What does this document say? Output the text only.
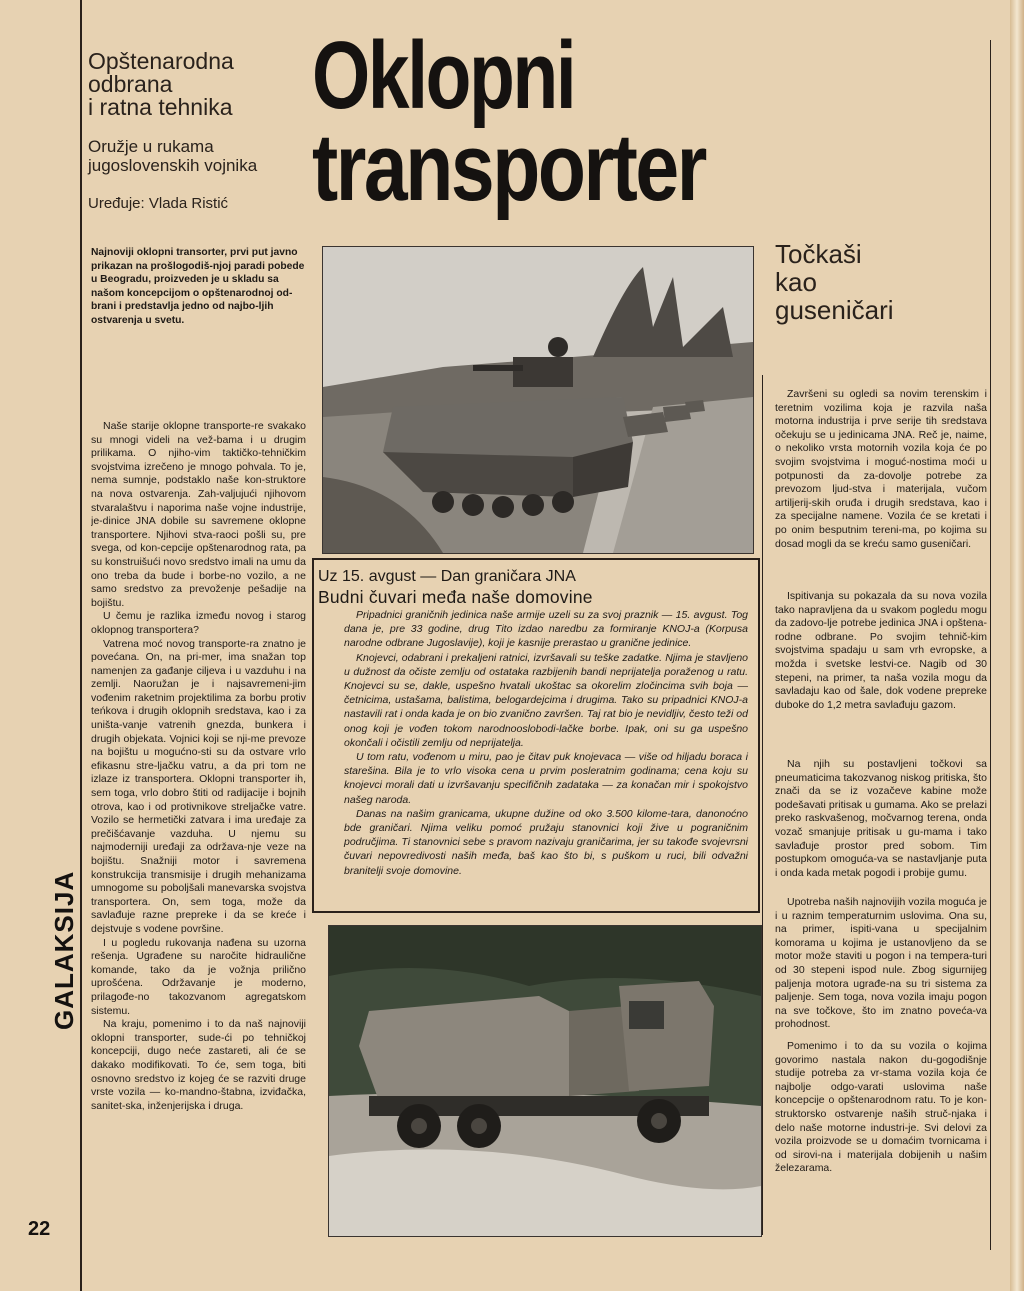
Opštenarodna
odbrana
i ratna tehnika
Oružje u rukama
jugoslovenskih vojnika
Uređuje: Vlada Ristić
Oklopni
transporter
Najnoviji oklopni transorter, prvi put javno prikazan na prošlogodiš-njoj paradi pobede u Beogradu, proizveden je u skladu sa našom koncepcijom o opštenarodnoj od-brani i predstavlja jedno od najbo-ljih ostvarenja u svetu.

Naše starije oklopne transporte-re svakako su mnogi videli na vež-bama i u drugim prilikama. O njiho-vim taktičko-tehničkim svojstvima izrečeno je mnogo pohvala. To je, nema sumnje, podstaklo naše kon-struktore na nova ostvarenja. Zah-valjujući njihovom stvaralaštvu i naporima naše vojne industrije, je-dinice JNA dobile su savremene oklopne transportere. Njihovi stva-raoci pošli su, pre svega, od kon-cepcije opštenarodnog rata, pa su konstruišući novo sredstvo imali na umu da ono treba da bude i borbe-no vozilo, a ne samo sredstvo za prevoženje pešadije na bojištu.

U čemu je razlika između novog i starog oklopnog transportera?

Vatrena moć novog transporte-ra znatno je povećana. On, na pri-mer, ima snažan top namenjen za gađanje ciljeva i u vazduhu i na zemlji. Naoružan je i najsavremeni-jim vođenim raketnim projektilima za borbu protiv teńkova i drugih oklopnih sredstava, kao i za uništa-vanje vatrenih gnezda, bunkera i drugih objekata. Vojnici koji se nji-me prevoze na bojištu u mogućno-sti su da ostvare vrlo efikasnu stre-ljačku vatru, a da pri tom ne izlaze iz transportera. Oklopni transporter ih, sem toga, vrlo dobro štiti od radijacije i bojnih otrova, kao i od protivnikove streljačke vatre. Vozilo se hermetički zatvara i ima uređaje za prečišćavanje vazduha. U njemu su najmoderniji uređaji za održava-nje veze na bojištu. Snažniji motor i savremena konstrukcija transmisije i drugih mehanizama umnogome su poboljšali manevarska svojstva transportera. On, sem toga, može da savlađuje razne prepreke i da se kreće i dejstvuje s vodene površine.

I u pogledu rukovanja nađena su uzorna rešenja. Ugrađene su naročite hidraulične komande, tako da je vožnja prilično uprošćena. Održavanje je moderno, prilagođe-no takozvanom agregatskom sistemu.

Na kraju, pomenimo i to da naš najnoviji oklopni transporter, sude-ći po tehničkoj koncepciji, dugo neće zastareti, ali će se dakako modifikovati. To će, sem toga, biti osnovno sredstvo iz kojeg će se razviti druge vrste vozila — ko-mandno-štabna, izviđačka, sanitet-ska, inženjerijska i druga.

Uz 15. avgust — Dan graničara JNA
Budni čuvari međa naše domovine

Pripadnici graničnih jedinica naše armije uzeli su za svoj praznik — 15. avgust. Tog dana je, pre 33 godine, drug Tito izdao naredbu za formiranje KNOJ-a (Korpusa narodne odbrane Jugoslavije), koji je kasnije prerastao u granične jedinice.

Knojevci, odabrani i prekaljeni ratnici, izvršavali su teške zadatke. Njima je stavljeno u dužnost da očiste zemlju od ostataka razbijenih bandi neprijatelja poraženog u ratu. Knojevci su se, dakle, uspešno hvatali ukoštac sa okorelim zločincima svih boja — četnicima, ustašama, balistima, belogardejcima i drugima. Tako su pripadnici KNOJ-a nastavili rat i onda kada je on bio zvanično završen. Taj rat bio je nevidljiv, često teži od onog koji je vođen tokom narodnooslobodi-lačke borbe. Ipak, oni su ga uspešno okončali i očistili zemlju od neprijatelja.

U tom ratu, vođenom u miru, pao je čitav puk knojevaca — više od hiljadu boraca i starešina. Bila je to vrlo visoka cena u prvim posleratnim godinama; cena koju su knojevci morali dati u izvršavanju specifičnih zadataka — za konačan mir i spokojstvo našeg naroda.

Danas na našim granicama, ukupne dužine od oko 3.500 kilome-tara, danonoćno bde graničari. Njima veliku pomoć pružaju stanovnici koji žive u pograničnim područjima. Ti stanovnici sebe s pravom nazivaju graničarima, jer su takođe svojevrsni čuvari nepovredivosti naših međa, baš kao što bi, s puškom u ruci, bili odvažni branitelji svoje domovine.

Točkaši
kao
guseničari

Završeni su ogledi sa novim terenskim i teretnim vozilima koja je razvila naša motorna industrija i prve serije tih sredstava očekuju se u jedinicama JNA. Reč je, naime, o nekoliko vrsta motornih vozila koja će po svojim svojstvima i moguć-nostima moći u potpunosti da za-dovolje potrebe za prevozom ljud-stva i materijala, vučom artiljerij-skih oruđa i drugih sredstava, kao i za specijalne namene. Vozila će se kretati i po onim besputnim tereni-ma, po kojima su dosad mogli da se kreću samo guseničari.

Ispitivanja su pokazala da su nova vozila tako napravljena da u svakom pogledu mogu da zadovo-lje potrebe jedinica JNA i opštena-rodne odbrane. Po svojim tehnič-kim svojstvima spadaju u sam vrh evropske, a možda i svetske lestvi-ce. Nagib od 30 stepeni, na primer, ta naša vozila mogu da savladaju kao od šale, dok vodene prepreke duboke do 1,2 metra savlađuju gazom.

Na njih su postavljeni točkovi sa pneumaticima takozvanog niskog pritiska, što znači da se iz vozačeve kabine može podešavati pritisak u gumama. Ako se prelazi preko raskvašenog, močvarnog terena, onda vozač smanjuje pritisak u gu-mama i tako savlađuje prostor pred sobom. Tim postupkom omogućа-va se nastavljanje puta i onda kada metak pogodi i probije gumu.

Upotreba naših najnovijih vozila moguća je i u raznim temperaturnim uslovima. Ona su, na primer, ispiti-vana u specijalnim komorama u kojima je ustanovljeno da se motor može staviti u pogon i na tempera-turi od 30 stepeni ispod nule. Zbog sigurnijeg paljenja motora ugrađe-na su tri sistema za paljenje. Sem toga, nova vozila imaju pogon na sve točkove, što im znatno poveća-va prohodnost.

Pomenimo i to da su vozila o kojima govorimo nastala nakon du-gogodišnje studije potreba za vr-stama vozila koja će najbolje odgo-varati uslovima naše koncepcije o opštenarodnom ratu. To je kon-struktorsko ostvarenje naših struč-njaka i delo naše motorne industri-je. Svi delovi za vozila proizvode se u domaćim tvornicama i od sirovi-na i materijala dobijenih u našim železarama.

GALAKSIJA
22
